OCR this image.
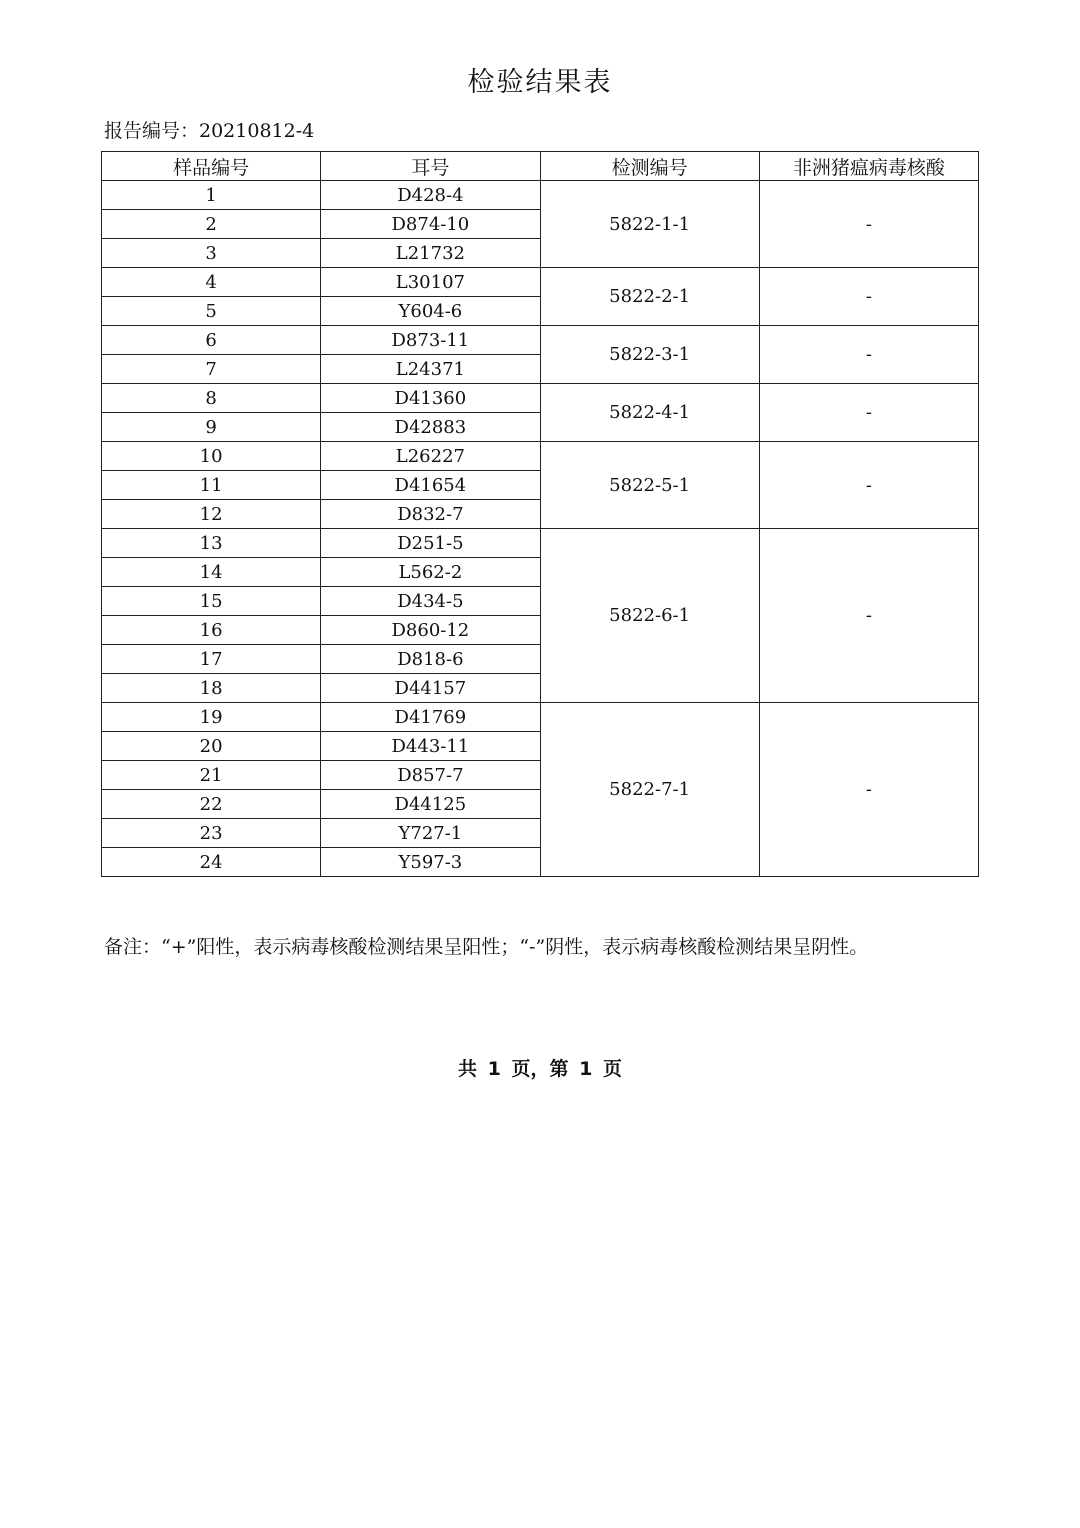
检验结果表
报告编号：20210812-4
样品编号	耳号	检测编号	非洲猪瘟病毒核酸
1	D428-4	5822-1-1	-
2	D874-10		
3	L21732		
4	L30107	5822-2-1	-
5	Y604-6		
6	D873-11	5822-3-1	-
7	L24371		
8	D41360	5822-4-1	-
9	D42883		
10	L26227	5822-5-1	-
11	D41654		
12	D832-7		
13	D251-5	5822-6-1	-
14	L562-2		
15	D434-5		
16	D860-12		
17	D818-6		
18	D44157		
19	D41769	5822-7-1	-
20	D443-11		
21	D857-7		
22	D44125		
23	Y727-1		
24	Y597-3		
备注：“+”阳性，表示病毒核酸检测结果呈阳性；“-”阴性，表示病毒核酸检测结果呈阴性。
共 1 页，第 1 页
